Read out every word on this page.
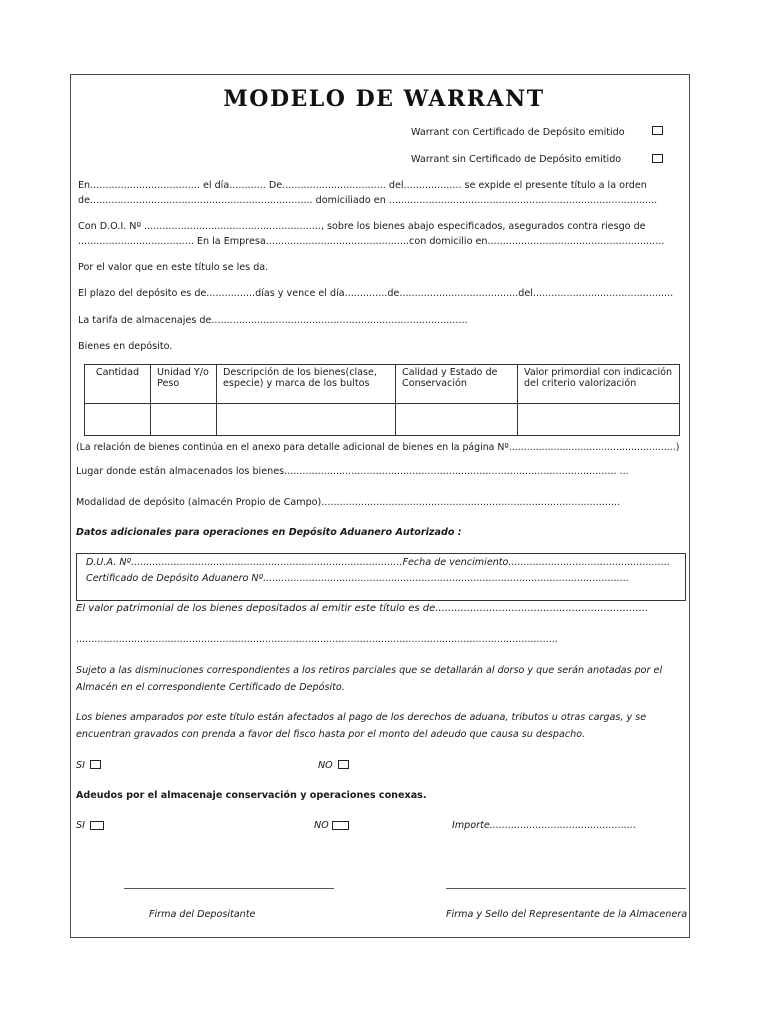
MODELO DE WARRANT
Warrant con Certificado de Depósito emitido
Warrant sin Certificado de Depósito emitido
En.................................... el día............ De.................................. del................... se expide el presente título a la orden
de......................................................................... domiciliado en ........................................................................................
Con D.O.I. Nº .........................................................., sobre los bienes abajo especificados, asegurados contra riesgo de
...................................... En la Empresa...............................................con domicilio en..........................................................
Por el valor que en este título se les da.
El plazo del depósito es de................días y vence el día..............de.......................................del..............................................
La tarifa de almacenajes de....................................................................................
Bienes en depósito.
Cantidad	Unidad Y/o Peso	Descripción de los bienes(clase, especie) y marca de los bultos	Calidad y Estado de Conservación	Valor primordial con indicación del criterio valorización

(La relación de bienes continúa en el anexo para detalle adicional de bienes en la página Nº........................................................)
Lugar donde están almacenados los bienes............................................................................................................. ...
Modalidad de depósito (almacén Propio de Campo)..................................................................................................
Datos adicionales para operaciones en Depósito Aduanero Autorizado :
D.U.A. Nº.........................................................................................Fecha de vencimiento.....................................................
Certificado de Depósito Aduanero Nº........................................................................................................................
El valor patrimonial de los bienes depositados al emitir este título es de...................................................................
..............................................................................................................................................................
Sujeto a las disminuciones correspondientes a los retiros parciales que se detallarán al dorso y que serán anotadas por el
Almacén en el correspondiente Certificado de Depósito.
Los bienes amparados por este título están afectados al pago de los derechos de aduana, tributos u otras cargas, y se
encuentran gravados con prenda a favor del fisco hasta por el monto del adeudo que causa su despacho.
SI	NO
Adeudos por el almacenaje conservación y operaciones conexas.
SI	NO	Importe................................................
Firma del Depositante	Firma y Sello del Representante de la Almacenera
